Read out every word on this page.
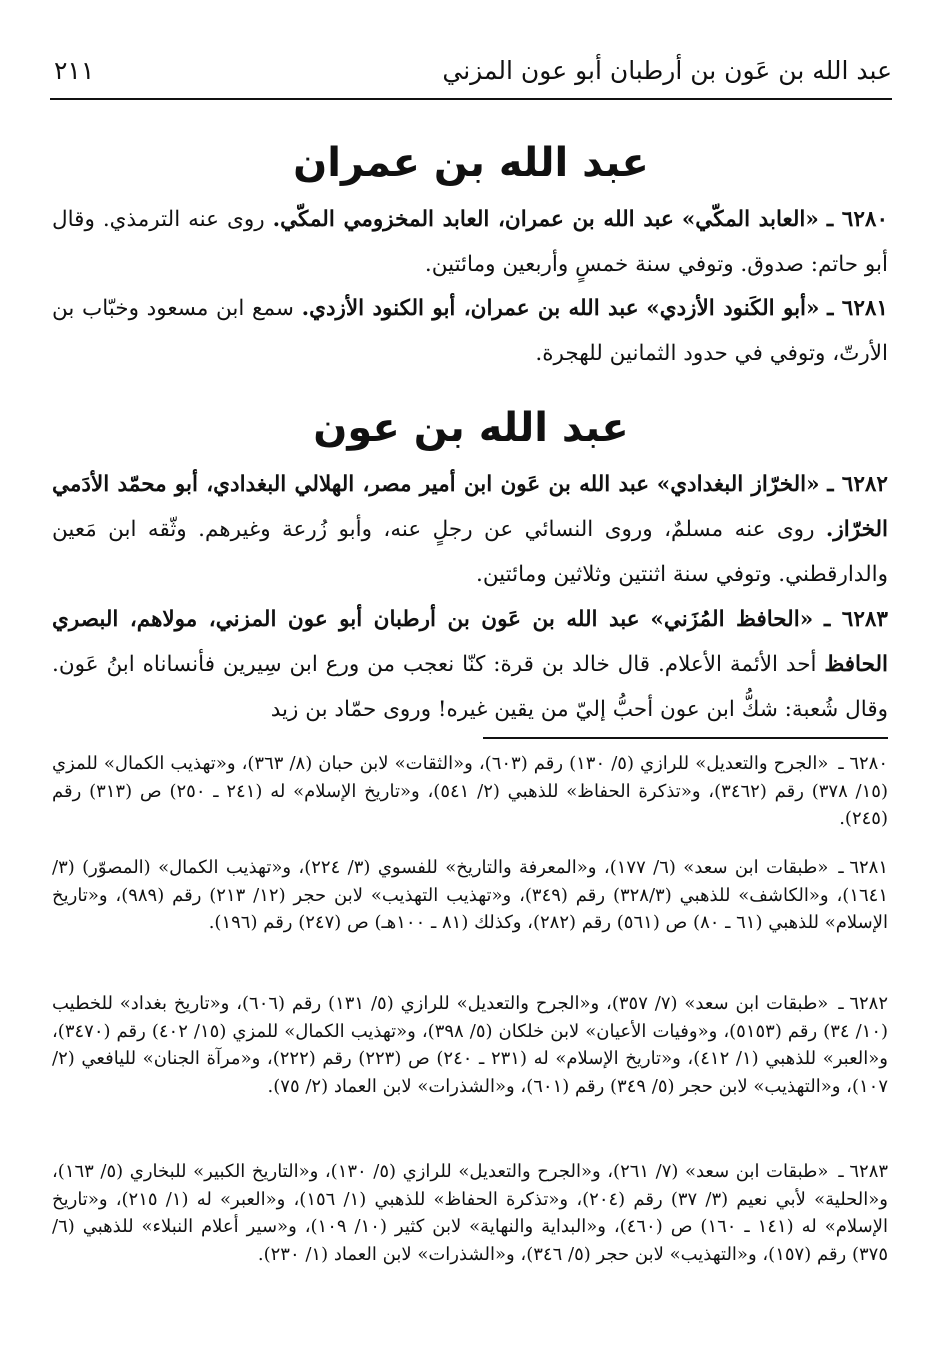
عبد الله بن عَون بن أرطبان أبو عون المزني
٢١١
عبد الله بن عمران

٦٢٨٠ ـ «العابد المكّي» عبد الله بن عمران، العابد المخزومي المكّي. روى عنه الترمذي. وقال أبو حاتم: صدوق. وتوفي سنة خمسٍ وأربعين ومائتين.

٦٢٨١ ـ «أبو الكَنود الأزدي» عبد الله بن عمران، أبو الكنود الأزدي. سمع ابن مسعود وخبّاب بن الأرتّ، وتوفي في حدود الثمانين للهجرة.

عبد الله بن عون

٦٢٨٢ ـ «الخرّاز البغدادي» عبد الله بن عَون ابن أمير مصر، الهلالي البغدادي، أبو محمّد الأدَمي الخرّاز. روى عنه مسلمٌ، وروى النسائي عن رجلٍ عنه، وأبو زُرعة وغيرهم. وثّقه ابن مَعين والدارقطني. وتوفي سنة اثنتين وثلاثين ومائتين.

٦٢٨٣ ـ «الحافظ المُزَني» عبد الله بن عَون بن أرطبان أبو عون المزني، مولاهم، البصري الحافظ أحد الأئمة الأعلام. قال خالد بن قرة: كنّا نعجب من ورع ابن سِيرين فأنساناه ابنُ عَون. وقال شُعبة: شكُّ ابن عون أحبُّ إليّ من يقين غيره! وروى حمّاد بن زيد

٦٢٨٠ ـ«الجرح والتعديل» للرازي (٥/ ١٣٠) رقم (٦٠٣)، و«الثقات» لابن حبان (٨/ ٣٦٣)، و«تهذيب الكمال» للمزي (١٥/ ٣٧٨) رقم (٣٤٦٢)، و«تذكرة الحفاظ» للذهبي (٢/ ٥٤١)، و«تاريخ الإسلام» له (٢٤١ ـ ٢٥٠) ص (٣١٣) رقم (٢٤٥).

٦٢٨١ ـ«طبقات ابن سعد» (٦/ ١٧٧)، و«المعرفة والتاريخ» للفسوي (٣/ ٢٢٤)، و«تهذيب الكمال» (المصوّر) (٣/ ١٦٤١)، و«الكاشف» للذهبي (٣٢٨/٣) رقم (٣٤٩)، و«تهذيب التهذيب» لابن حجر (١٢/ ٢١٣) رقم (٩٨٩)، و«تاريخ الإسلام» للذهبي (٦١ ـ ٨٠) ص (٥٦١) رقم (٢٨٢)، وكذلك (٨١ ـ ١٠٠هـ) ص (٢٤٧) رقم (١٩٦).

٦٢٨٢ ـ«طبقات ابن سعد» (٧/ ٣٥٧)، و«الجرح والتعديل» للرازي (٥/ ١٣١) رقم (٦٠٦)، و«تاريخ بغداد» للخطيب (١٠/ ٣٤) رقم (٥١٥٣)، و«وفيات الأعيان» لابن خلكان (٥/ ٣٩٨)، و«تهذيب الكمال» للمزي (١٥/ ٤٠٢) رقم (٣٤٧٠)، و«العبر» للذهبي (١/ ٤١٢)، و«تاريخ الإسلام» له (٢٣١ ـ ٢٤٠) ص (٢٢٣) رقم (٢٢٢)، و«مرآة الجنان» لليافعي (٢/ ١٠٧)، و«التهذيب» لابن حجر (٥/ ٣٤٩) رقم (٦٠١)، و«الشذرات» لابن العماد (٢/ ٧٥).

٦٢٨٣ ـ«طبقات ابن سعد» (٧/ ٢٦١)، و«الجرح والتعديل» للرازي (٥/ ١٣٠)، و«التاريخ الكبير» للبخاري (٥/ ١٦٣)، و«الحلية» لأبي نعيم (٣/ ٣٧) رقم (٢٠٤)، و«تذكرة الحفاظ» للذهبي (١/ ١٥٦)، و«العبر» له (١/ ٢١٥)، و«تاريخ الإسلام» له (١٤١ ـ ١٦٠) ص (٤٦٠)، و«البداية والنهاية» لابن كثير (١٠/ ١٠٩)، و«سير أعلام النبلاء» للذهبي (٦/ ٣٧٥) رقم (١٥٧)، و«التهذيب» لابن حجر (٥/ ٣٤٦)، و«الشذرات» لابن العماد (١/ ٢٣٠).
